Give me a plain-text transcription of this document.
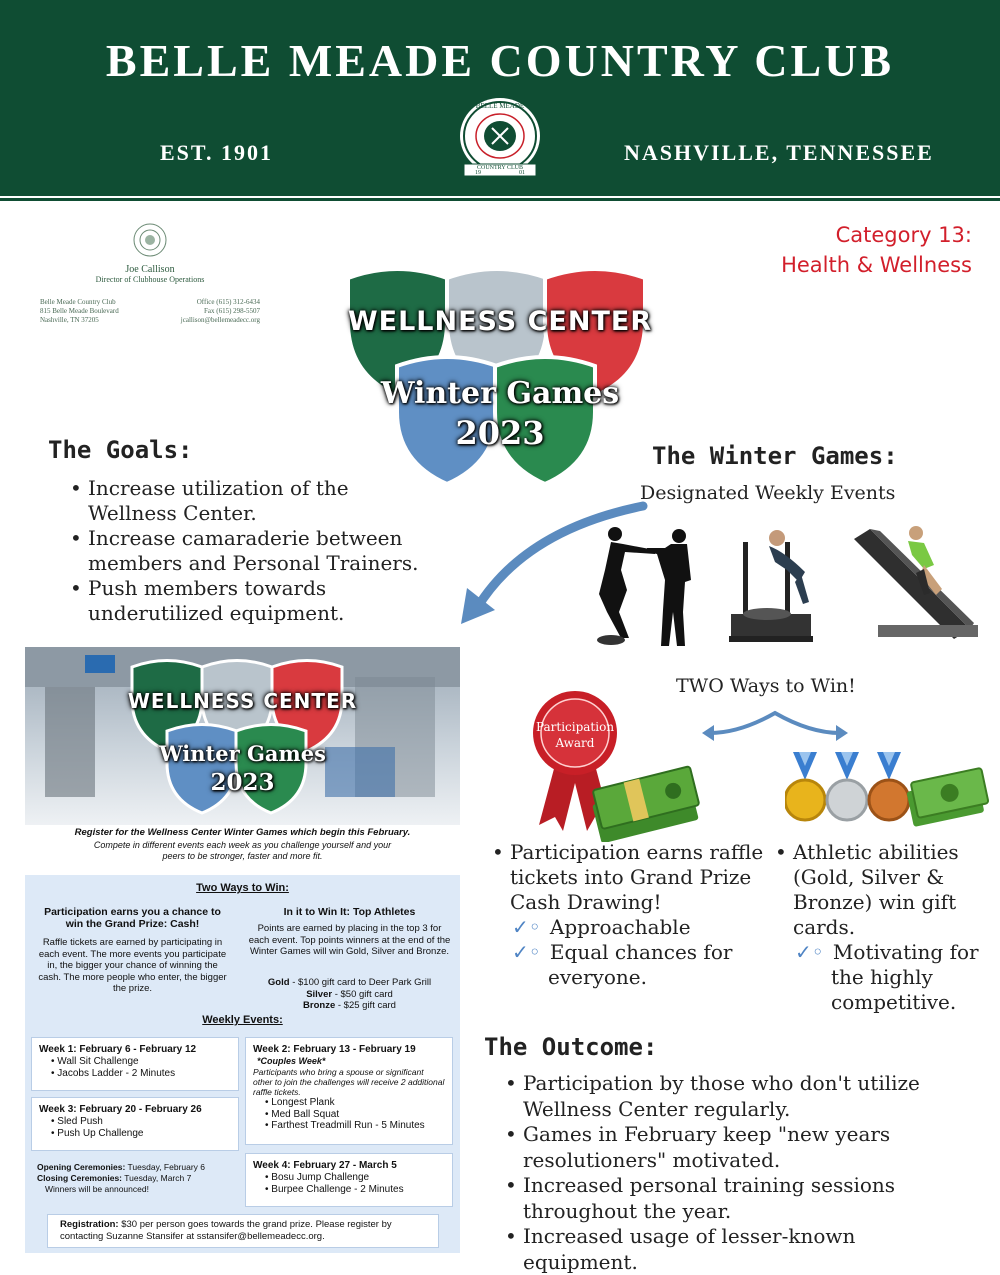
BELLE MEADE COUNTRY CLUB
EST. 1901	NASHVILLE, TENNESSEE
BELLE MEADE
COUNTRY CLUB
19	01
Joe Callison
Director of Clubhouse Operations
Belle Meade Country Club
815 Belle Meade Boulevard
Nashville, TN 37205
Office (615) 312-6434
Fax (615) 298-5507
jcallison@bellemeadecc.org
Category 13:
Health & Wellness
WELLNESS CENTER
Winter Games
2023
The Goals:
• Increase utilization of the Wellness Center.
• Increase camaraderie between members and Personal Trainers.
• Push members towards underutilized equipment.
The Winter Games:
Designated Weekly Events
TWO Ways to Win!
Participation
Award
• Participation earns raffle tickets into Grand Prize Cash Drawing!
✓◦ Approachable
✓◦ Equal chances for everyone.
• Athletic abilities (Gold, Silver & Bronze) win gift cards.
✓◦ Motivating for the highly competitive.
The Outcome:
• Participation by those who don't utilize Wellness Center regularly.
• Games in February keep "new years resolutioners" motivated.
• Increased personal training sessions throughout the year.
• Increased usage of lesser-known equipment.
WELLNESS CENTER
Winter Games
2023
Register for the Wellness Center Winter Games which begin this February.
Compete in different events each week as you challenge yourself and your peers to be stronger, faster and more fit.
Two Ways to Win:
Participation earns you a chance to win the Grand Prize: Cash!
Raffle tickets are earned by participating in each event. The more events you participate in, the bigger your chance of winning the cash. The more people who enter, the bigger the prize.
In it to Win It: Top Athletes
Points are earned by placing in the top 3 for each event. Top points winners at the end of the Winter Games will win Gold, Silver and Bronze.
Gold - $100 gift card to Deer Park Grill
Silver - $50 gift card
Bronze - $25 gift card
Weekly Events:
Week 1: February 6 - February 12
• Wall Sit Challenge
• Jacobs Ladder - 2 Minutes
Week 3: February 20 - February 26
• Sled Push
• Push Up Challenge
Opening Ceremonies: Tuesday, February 6
Closing Ceremonies: Tuesday, March 7
Winners will be announced!
Week 2: February 13 - February 19
*Couples Week*
Participants who bring a spouse or significant other to join the challenges will receive 2 additional raffle tickets.
• Longest Plank
• Med Ball Squat
• Farthest Treadmill Run - 5 Minutes
Week 4: February 27 - March 5
• Bosu Jump Challenge
• Burpee Challenge - 2 Minutes
Registration: $30 per person goes towards the grand prize. Please register by contacting Suzanne Stansifer at sstansifer@bellemeadecc.org.
